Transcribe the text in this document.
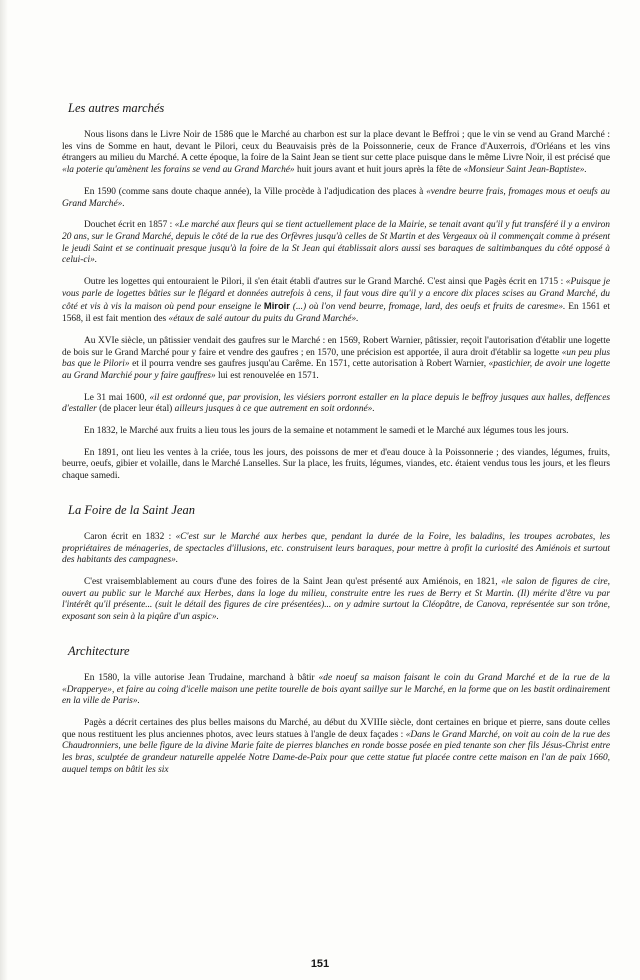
Les autres marchés

Nous lisons dans le Livre Noir de 1586 que le Marché au charbon est sur la place devant le Beffroi ; que le vin se vend au Grand Marché : les vins de Somme en haut, devant le Pilori, ceux du Beauvaisis près de la Poissonnerie, ceux de France d'Auxerrois, d'Orléans et les vins étrangers au milieu du Marché. A cette époque, la foire de la Saint Jean se tient sur cette place puisque dans le même Livre Noir, il est précisé que «la poterie qu'amènent les forains se vend au Grand Marché» huit jours avant et huit jours après la fête de «Monsieur Saint Jean-Baptiste».

En 1590 (comme sans doute chaque année), la Ville procède à l'adjudication des places à «vendre beurre frais, fromages mous et oeufs au Grand Marché».

Douchet écrit en 1857 : «Le marché aux fleurs qui se tient actuellement place de la Mairie, se tenait avant qu'il y fut transféré il y a environ 20 ans, sur le Grand Marché, depuis le côté de la rue des Orfèvres jusqu'à celles de St Martin et des Vergeaux où il commençait comme à présent le jeudi Saint et se continuait presque jusqu'à la foire de la St Jean qui établissait alors aussi ses baraques de saltimbanques du côté opposé à celui-ci».

Outre les logettes qui entouraient le Pilori, il s'en était établi d'autres sur le Grand Marché. C'est ainsi que Pagès écrit en 1715 : «Puisque je vous parle de logettes bâties sur le flégard et données autrefois à cens, il faut vous dire qu'il y a encore dix places scises au Grand Marché, du côté et vis à vis la maison où pend pour enseigne le Miroir (...) où l'on vend beurre, fromage, lard, des oeufs et fruits de caresme». En 1561 et 1568, il est fait mention des «étaux de salé autour du puits du Grand Marché».

Au XVIe siècle, un pâtissier vendait des gaufres sur le Marché : en 1569, Robert Warnier, pâtissier, reçoit l'autorisation d'établir une logette de bois sur le Grand Marché pour y faire et vendre des gaufres ; en 1570, une précision est apportée, il aura droit d'établir sa logette «un peu plus bas que le Pilori» et il pourra vendre ses gaufres jusqu'au Carême. En 1571, cette autorisation à Robert Warnier, «pastichier, de avoir une logette au Grand Marchié pour y faire gauffres» lui est renouvelée en 1571.

Le 31 mai 1600, «il est ordonné que, par provision, les viésiers porront estaller en la place depuis le beffroy jusques aux halles, deffences d'estaller (de placer leur étal) ailleurs jusques à ce que autrement en soit ordonné».

En 1832, le Marché aux fruits a lieu tous les jours de la semaine et notamment le samedi et le Marché aux légumes tous les jours.

En 1891, ont lieu les ventes à la criée, tous les jours, des poissons de mer et d'eau douce à la Poissonnerie ; des viandes, légumes, fruits, beurre, oeufs, gibier et volaille, dans le Marché Lanselles. Sur la place, les fruits, légumes, viandes, etc. étaient vendus tous les jours, et les fleurs chaque samedi.

La Foire de la Saint Jean

Caron écrit en 1832 : «C'est sur le Marché aux herbes que, pendant la durée de la Foire, les baladins, les troupes acrobates, les propriétaires de ménageries, de spectacles d'illusions, etc. construisent leurs baraques, pour mettre à profit la curiosité des Amiénois et surtout des habitants des campagnes».

C'est vraisemblablement au cours d'une des foires de la Saint Jean qu'est présenté aux Amiénois, en 1821, «le salon de figures de cire, ouvert au public sur le Marché aux Herbes, dans la loge du milieu, construite entre les rues de Berry et St Martin. (Il) mérite d'être vu par l'intérêt qu'il présente... (suit le détail des figures de cire présentées)... on y admire surtout la Cléopâtre, de Canova, représentée sur son trône, exposant son sein à la piqûre d'un aspic».

Architecture

En 1580, la ville autorise Jean Trudaine, marchand à bâtir «de noeuf sa maison faisant le coin du Grand Marché et de la rue de la «Drapperye», et faire au coing d'icelle maison une petite tourelle de bois ayant saillye sur le Marché, en la forme que on les bastit ordinairement en la ville de Paris».

Pagès a décrit certaines des plus belles maisons du Marché, au début du XVIIIe siècle, dont certaines en brique et pierre, sans doute celles que nous restituent les plus anciennes photos, avec leurs statues à l'angle de deux façades : «Dans le Grand Marché, on voit au coin de la rue des Chaudronniers, une belle figure de la divine Marie faite de pierres blanches en ronde bosse posée en pied tenante son cher fils Jésus-Christ entre les bras, sculptée de grandeur naturelle appelée Notre Dame-de-Paix pour que cette statue fut placée contre cette maison en l'an de paix 1660, auquel temps on bâtit les six

151
